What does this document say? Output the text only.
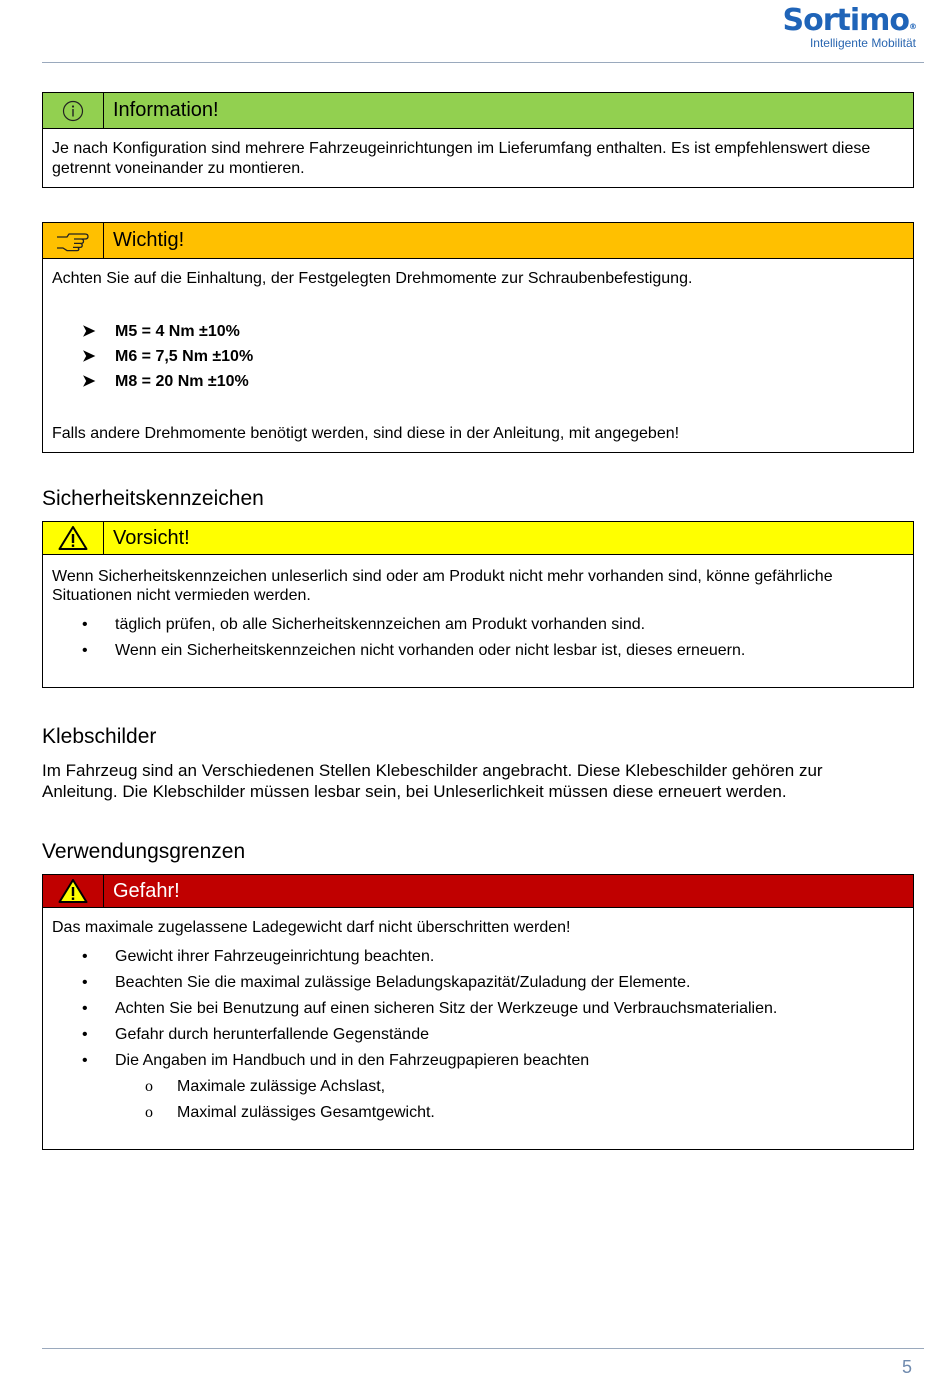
Sortimo®
Intelligente Mobilität
Information!

Je nach Konfiguration sind mehrere Fahrzeugeinrichtungen im Lieferumfang enthalten. Es ist empfehlenswert diese getrennt voneinander zu montieren.

Wichtig!

Achten Sie auf die Einhaltung, der Festgelegten Drehmomente zur Schraubenbefestigung.

➤ M5 = 4 Nm ±10%
➤ M6 = 7,5 Nm ±10%
➤ M8 = 20 Nm ±10%

Falls andere Drehmomente benötigt werden, sind diese in der Anleitung, mit angegeben!

Sicherheitskennzeichen
Vorsicht!

Wenn Sicherheitskennzeichen unleserlich sind oder am Produkt nicht mehr vorhanden sind, könne gefährliche Situationen nicht vermieden werden.

• täglich prüfen, ob alle Sicherheitskennzeichen am Produkt vorhanden sind.
• Wenn ein Sicherheitskennzeichen nicht vorhanden oder nicht lesbar ist, dieses erneuern.
Klebschilder
Im Fahrzeug sind an Verschiedenen Stellen Klebeschilder angebracht. Diese Klebeschilder gehören zur Anleitung. Die Klebschilder müssen lesbar sein, bei Unleserlichkeit müssen diese erneuert werden.
Verwendungsgrenzen
Gefahr!

Das maximale zugelassene Ladegewicht darf nicht überschritten werden!

• Gewicht ihrer Fahrzeugeinrichtung beachten.
• Beachten Sie die maximal zulässige Beladungskapazität/Zuladung der Elemente.
• Achten Sie bei Benutzung auf einen sicheren Sitz der Werkzeuge und Verbrauchsmaterialien.
• Gefahr durch herunterfallende Gegenstände
• Die Angaben im Handbuch und in den Fahrzeugpapieren beachten
o Maximale zulässige Achslast,
o Maximal zulässiges Gesamtgewicht.
5
